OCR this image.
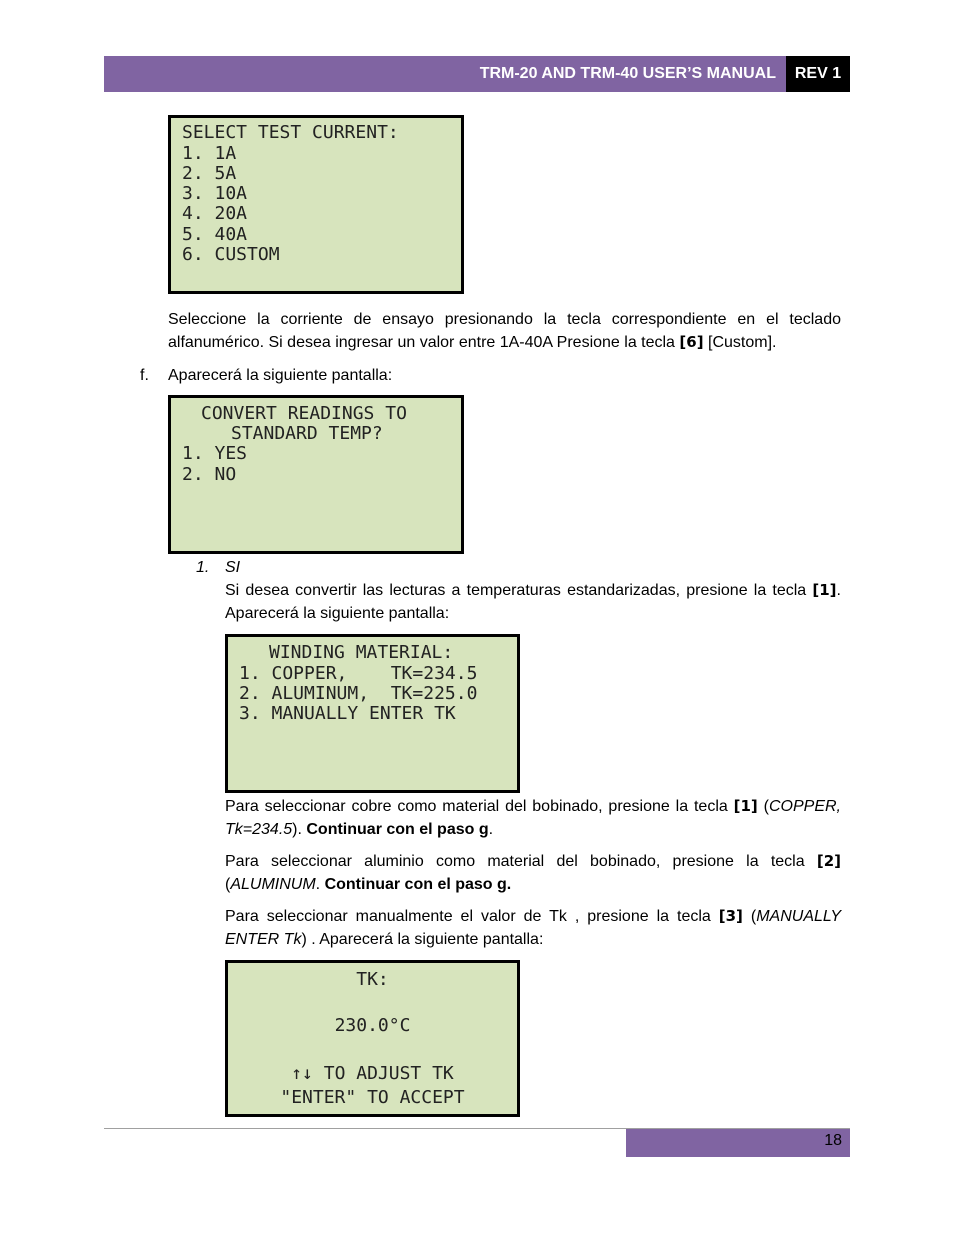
TRM-20 AND TRM-40 USER’S MANUAL	REV 1
SELECT TEST CURRENT:
1. 1A
2. 5A
3. 10A
4. 20A
5. 40A
6. CUSTOM
Seleccione la corriente de ensayo presionando la tecla correspondiente en el teclado alfanumérico. Si desea ingresar un valor entre 1A-40A Presione la tecla [6] [Custom].
f. Aparecerá la siguiente pantalla:
CONVERT READINGS TO
STANDARD TEMP?
1. YES
2. NO
1. SI
Si desea convertir las lecturas a temperaturas estandarizadas, presione la tecla [1]. Aparecerá la siguiente pantalla:
WINDING MATERIAL:
1. COPPER,    TK=234.5
2. ALUMINUM,  TK=225.0
3. MANUALLY ENTER TK
Para seleccionar cobre como material del bobinado, presione la tecla [1] (COPPER, Tk=234.5). Continuar con el paso g.
Para seleccionar aluminio como material del bobinado, presione la tecla [2] (ALUMINUM. Continuar con el paso g.
Para seleccionar manualmente el valor de Tk , presione la tecla [3] (MANUALLY ENTER Tk) . Aparecerá la siguiente pantalla:
TK:
230.0°C
↑↓ TO ADJUST TK
"ENTER" TO ACCEPT
18
